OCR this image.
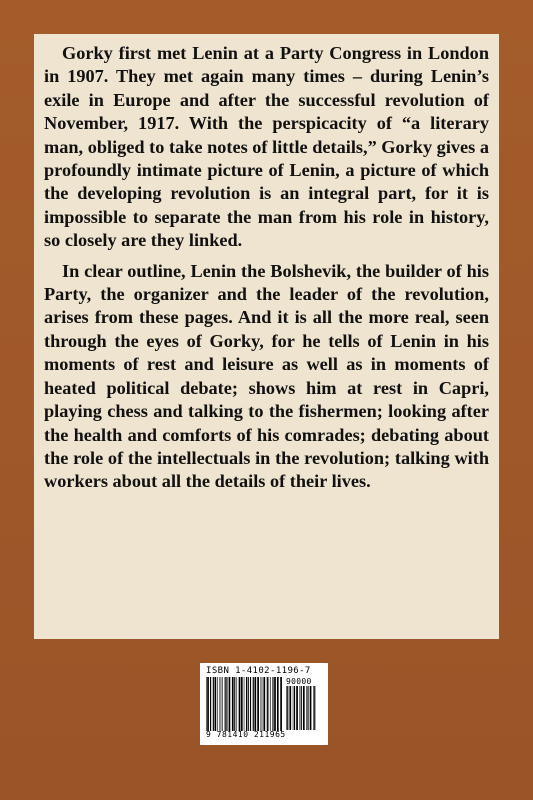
Gorky first met Lenin at a Party Congress in London in 1907. They met again many times – during Lenin’s exile in Europe and after the successful revolution of November, 1917. With the perspicacity of “a literary man, obliged to take notes of little details,” Gorky gives a profoundly intimate picture of Lenin, a picture of which the developing revolution is an integral part, for it is impossible to separate the man from his role in history, so closely are they linked.

In clear outline, Lenin the Bolshevik, the builder of his Party, the organizer and the leader of the revolution, arises from these pages. And it is all the more real, seen through the eyes of Gorky, for he tells of Lenin in his moments of rest and leisure as well as in moments of heated political debate; shows him at rest in Capri, playing chess and talking to the fishermen; looking after the health and comforts of his comrades; debating about the role of the intellectuals in the revolution; talking with workers about all the details of their lives.

ISBN 1-4102-1196-7
90000
9 781410 211965
